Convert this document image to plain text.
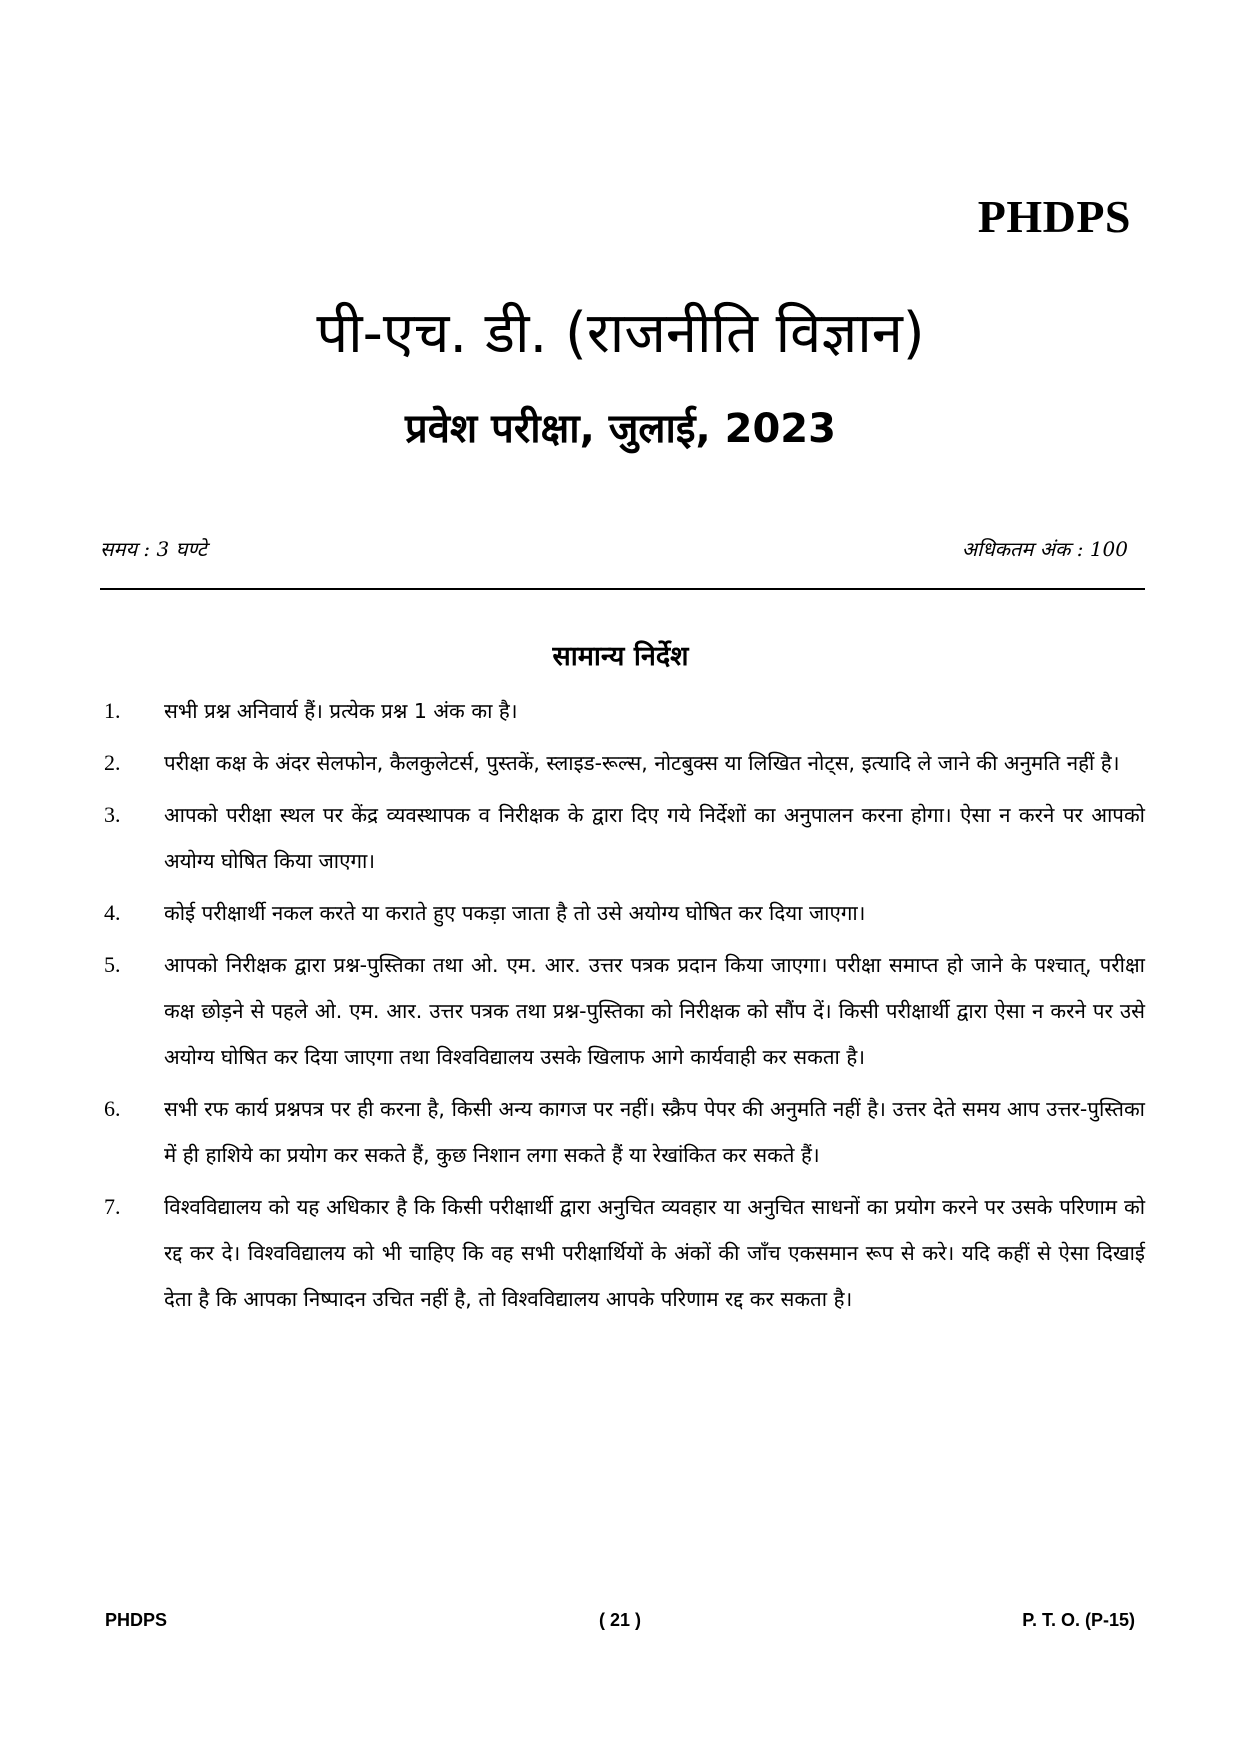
PHDPS
पी-एच. डी. (राजनीति विज्ञान)
प्रवेश परीक्षा, जुलाई, 2023
समय : 3 घण्टे	अधिकतम अंक : 100
सामान्य निर्देश
1. सभी प्रश्न अनिवार्य हैं। प्रत्येक प्रश्न 1 अंक का है।
2. परीक्षा कक्ष के अंदर सेलफोन, कैलकुलेटर्स, पुस्तकें, स्लाइड-रूल्स, नोटबुक्स या लिखित नोट्स, इत्यादि ले जाने की अनुमति नहीं है।
3. आपको परीक्षा स्थल पर केंद्र व्यवस्थापक व निरीक्षक के द्वारा दिए गये निर्देशों का अनुपालन करना होगा। ऐसा न करने पर आपको अयोग्य घोषित किया जाएगा।
4. कोई परीक्षार्थी नकल करते या कराते हुए पकड़ा जाता है तो उसे अयोग्य घोषित कर दिया जाएगा।
5. आपको निरीक्षक द्वारा प्रश्न-पुस्तिका तथा ओ. एम. आर. उत्तर पत्रक प्रदान किया जाएगा। परीक्षा समाप्त हो जाने के पश्चात्, परीक्षा कक्ष छोड़ने से पहले ओ. एम. आर. उत्तर पत्रक तथा प्रश्न-पुस्तिका को निरीक्षक को सौंप दें। किसी परीक्षार्थी द्वारा ऐसा न करने पर उसे अयोग्य घोषित कर दिया जाएगा तथा विश्वविद्यालय उसके खिलाफ आगे कार्यवाही कर सकता है।
6. सभी रफ कार्य प्रश्नपत्र पर ही करना है, किसी अन्य कागज पर नहीं। स्क्रैप पेपर की अनुमति नहीं है। उत्तर देते समय आप उत्तर-पुस्तिका में ही हाशिये का प्रयोग कर सकते हैं, कुछ निशान लगा सकते हैं या रेखांकित कर सकते हैं।
7. विश्वविद्यालय को यह अधिकार है कि किसी परीक्षार्थी द्वारा अनुचित व्यवहार या अनुचित साधनों का प्रयोग करने पर उसके परिणाम को रद्द कर दे। विश्वविद्यालय को भी चाहिए कि वह सभी परीक्षार्थियों के अंकों की जाँच एकसमान रूप से करे। यदि कहीं से ऐसा दिखाई देता है कि आपका निष्पादन उचित नहीं है, तो विश्वविद्यालय आपके परिणाम रद्द कर सकता है।
PHDPS	( 21 )	P. T. O. (P-15)
